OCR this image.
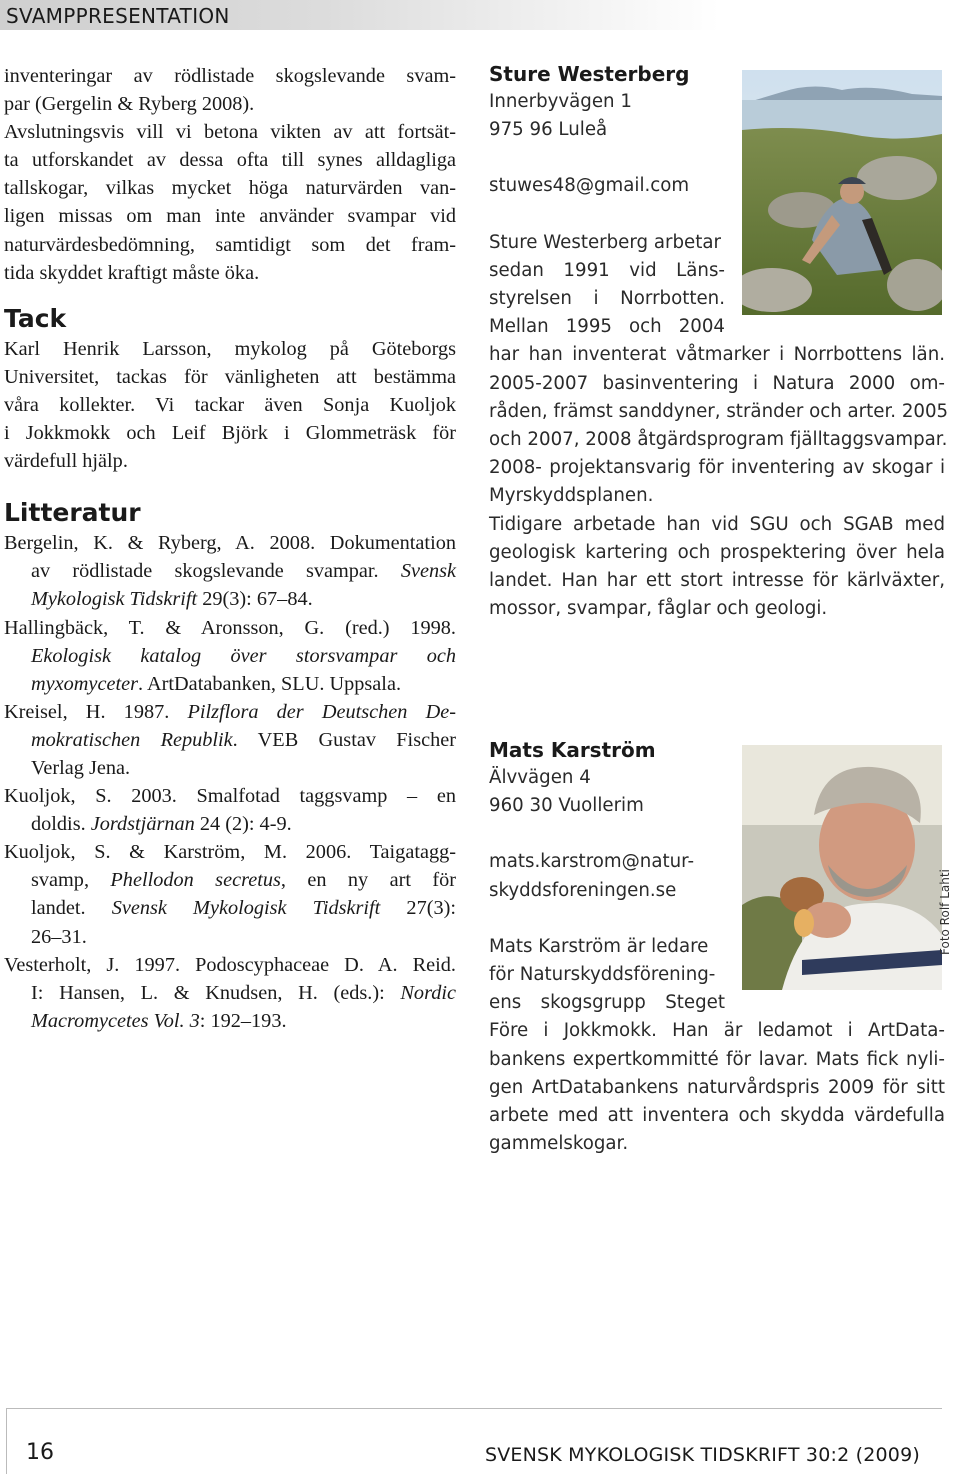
SVAMPPRESENTATION

inventeringar av rödlistade skogslevande svam-
par (Gergelin & Ryberg 2008).
Avslutningsvis vill vi betona vikten av att fortsät-
ta utforskandet av dessa ofta till synes alldagliga
tallskogar, vilkas mycket höga naturvärden van-
ligen missas om man inte använder svampar vid
naturvärdesbedömning, samtidigt som det fram-
tida skyddet kraftigt måste öka.

Tack

Karl Henrik Larsson, mykolog på Göteborgs
Universitet, tackas för vänligheten att bestämma
våra kollekter. Vi tackar även Sonja Kuoljok
i Jokkmokk och Leif Björk i Glommeträsk för
värdefull hjälp.

Litteratur
Bergelin, K. & Ryberg, A. 2008. Dokumentation
av rödlistade skogslevande svampar. Svensk
Mykologisk Tidskrift 29(3): 67–84.
Hallingbäck, T. & Aronsson, G. (red.) 1998.
Ekologisk katalog över storsvampar och
myxomyceter. ArtDatabanken, SLU. Uppsala.
Kreisel, H. 1987. Pilzflora der Deutschen De-
mokratischen Republik. VEB Gustav Fischer
Verlag Jena.
Kuoljok, S. 2003. Smalfotad taggsvamp – en
doldis. Jordstjärnan 24 (2): 4-9.
Kuoljok, S. & Karström, M. 2006. Taigatagg-
svamp, Phellodon secretus, en ny art för
landet. Svensk Mykologisk Tidskrift 27(3):
26–31.
Vesterholt, J. 1997. Podoscyphaceae D. A. Reid.
I: Hansen, L. & Knudsen, H. (eds.): Nordic
Macromycetes Vol. 3: 192–193.

Sture Westerberg

Innerbyvägen 1

975 96 Luleå

stuwes48@gmail.com

Sture Westerberg arbetar
sedan 1991 vid Läns-
styrelsen i Norrbotten.
Mellan 1995 och 2004
har han inventerat våtmarker i Norrbottens län.
2005-2007 basinventering i Natura 2000 om-
råden, främst sanddyner, stränder och arter. 2005
och 2007, 2008 åtgärdsprogram fjälltaggsvampar.
2008- projektansvarig för inventering av skogar i
Myrskyddsplanen.
Tidigare arbetade han vid SGU och SGAB med
geologisk kartering och prospektering över hela
landet. Han har ett stort intresse för kärlväxter,
mossor, svampar, fåglar och geologi.

Mats Karström

Älvvägen 4

960 30 Vuollerim

mats.karstrom@natur-
skyddsforeningen.se
Mats Karström är ledare
för Naturskyddsförening-
ens skogsgrupp Steget
Före i Jokkmokk. Han är ledamot i ArtData-
bankens expertkommitté för lavar. Mats fick nyli-
gen ArtDatabankens naturvårdspris 2009 för sitt
arbete med att inventera och skydda värdefulla
gammelskogar.
Foto Rolf Lahti
16	SVENSK MYKOLOGISK TIDSKRIFT 30:2 (2009)
